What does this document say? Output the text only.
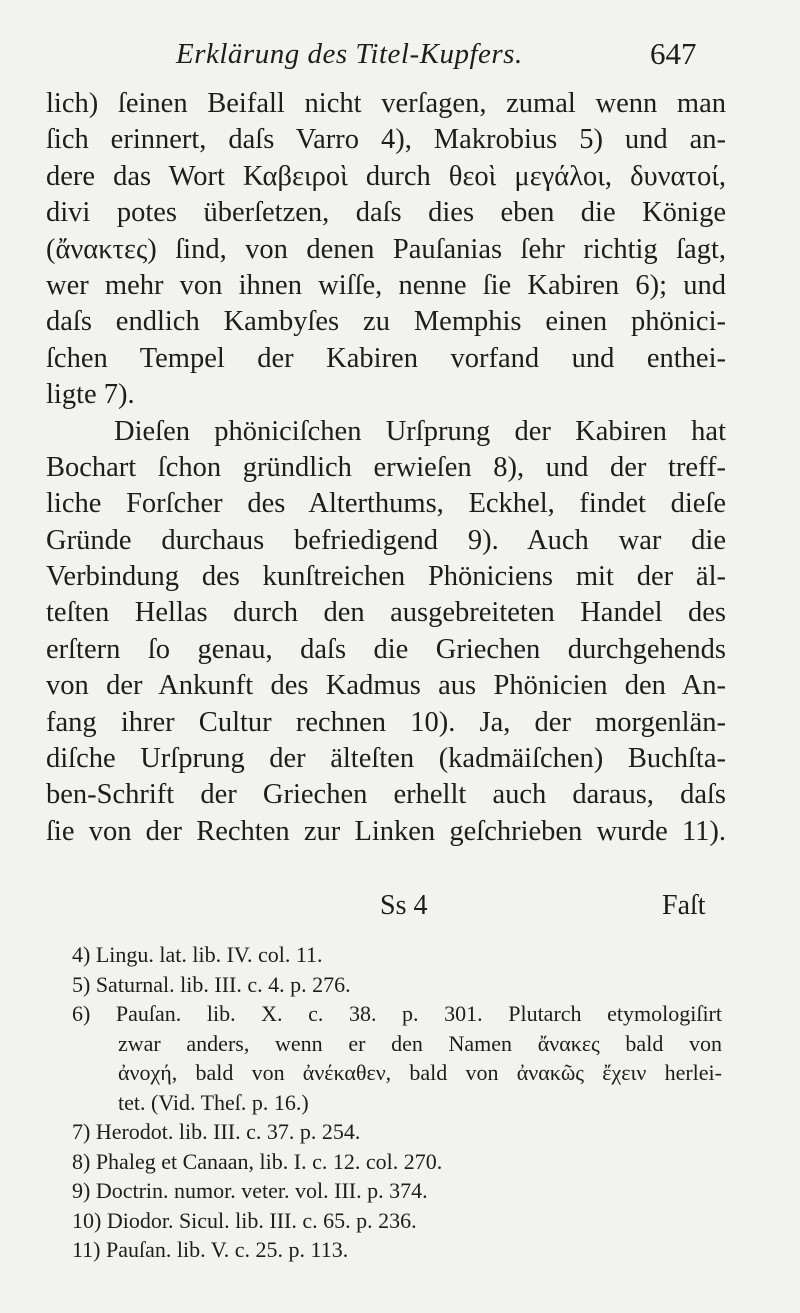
Erklärung des Titel-Kupfers.	647
lich) ſeinen Beifall nicht verſagen, zumal wenn man
ſich erinnert, daſs Varro 4), Makrobius 5) und an-
dere das Wort Καβειροὶ durch θεοὶ μεγάλοι, δυνατοί,
divi potes überſetzen, daſs dies eben die Könige
(ἄνακτες) ſind, von denen Pauſanias ſehr richtig ſagt,
wer mehr von ihnen wiſſe, nenne ſie Kabiren 6); und
daſs endlich Kambyſes zu Memphis einen phönici-
ſchen Tempel der Kabiren vorfand und enthei-
ligte 7).
Dieſen phöniciſchen Urſprung der Kabiren hat
Bochart ſchon gründlich erwieſen 8), und der treff-
liche Forſcher des Alterthums, Eckhel, findet dieſe
Gründe durchaus befriedigend 9). Auch war die
Verbindung des kunſtreichen Phöniciens mit der äl-
teſten Hellas durch den ausgebreiteten Handel des
erſtern ſo genau, daſs die Griechen durchgehends
von der Ankunft des Kadmus aus Phönicien den An-
fang ihrer Cultur rechnen 10). Ja, der morgenlän-
diſche Urſprung der älteſten (kadmäiſchen) Buchſta-
ben-Schrift der Griechen erhellt auch daraus, daſs
ſie von der Rechten zur Linken geſchrieben wurde 11).
Ss 4	Faſt
4) Lingu. lat. lib. IV. col. 11.
5) Saturnal. lib. III. c. 4. p. 276.
6) Pauſan. lib. X. c. 38. p. 301. Plutarch etymologiſirt
zwar anders, wenn er den Namen ἄνακες bald von
ἀνοχή, bald von ἀνέκαθεν, bald von ἀνακῶς ἔχειν herlei-
tet. (Vid. Theſ. p. 16.)
7) Herodot. lib. III. c. 37. p. 254.
8) Phaleg et Canaan, lib. I. c. 12. col. 270.
9) Doctrin. numor. veter. vol. III. p. 374.
10) Diodor. Sicul. lib. III. c. 65. p. 236.
11) Pauſan. lib. V. c. 25. p. 113.
